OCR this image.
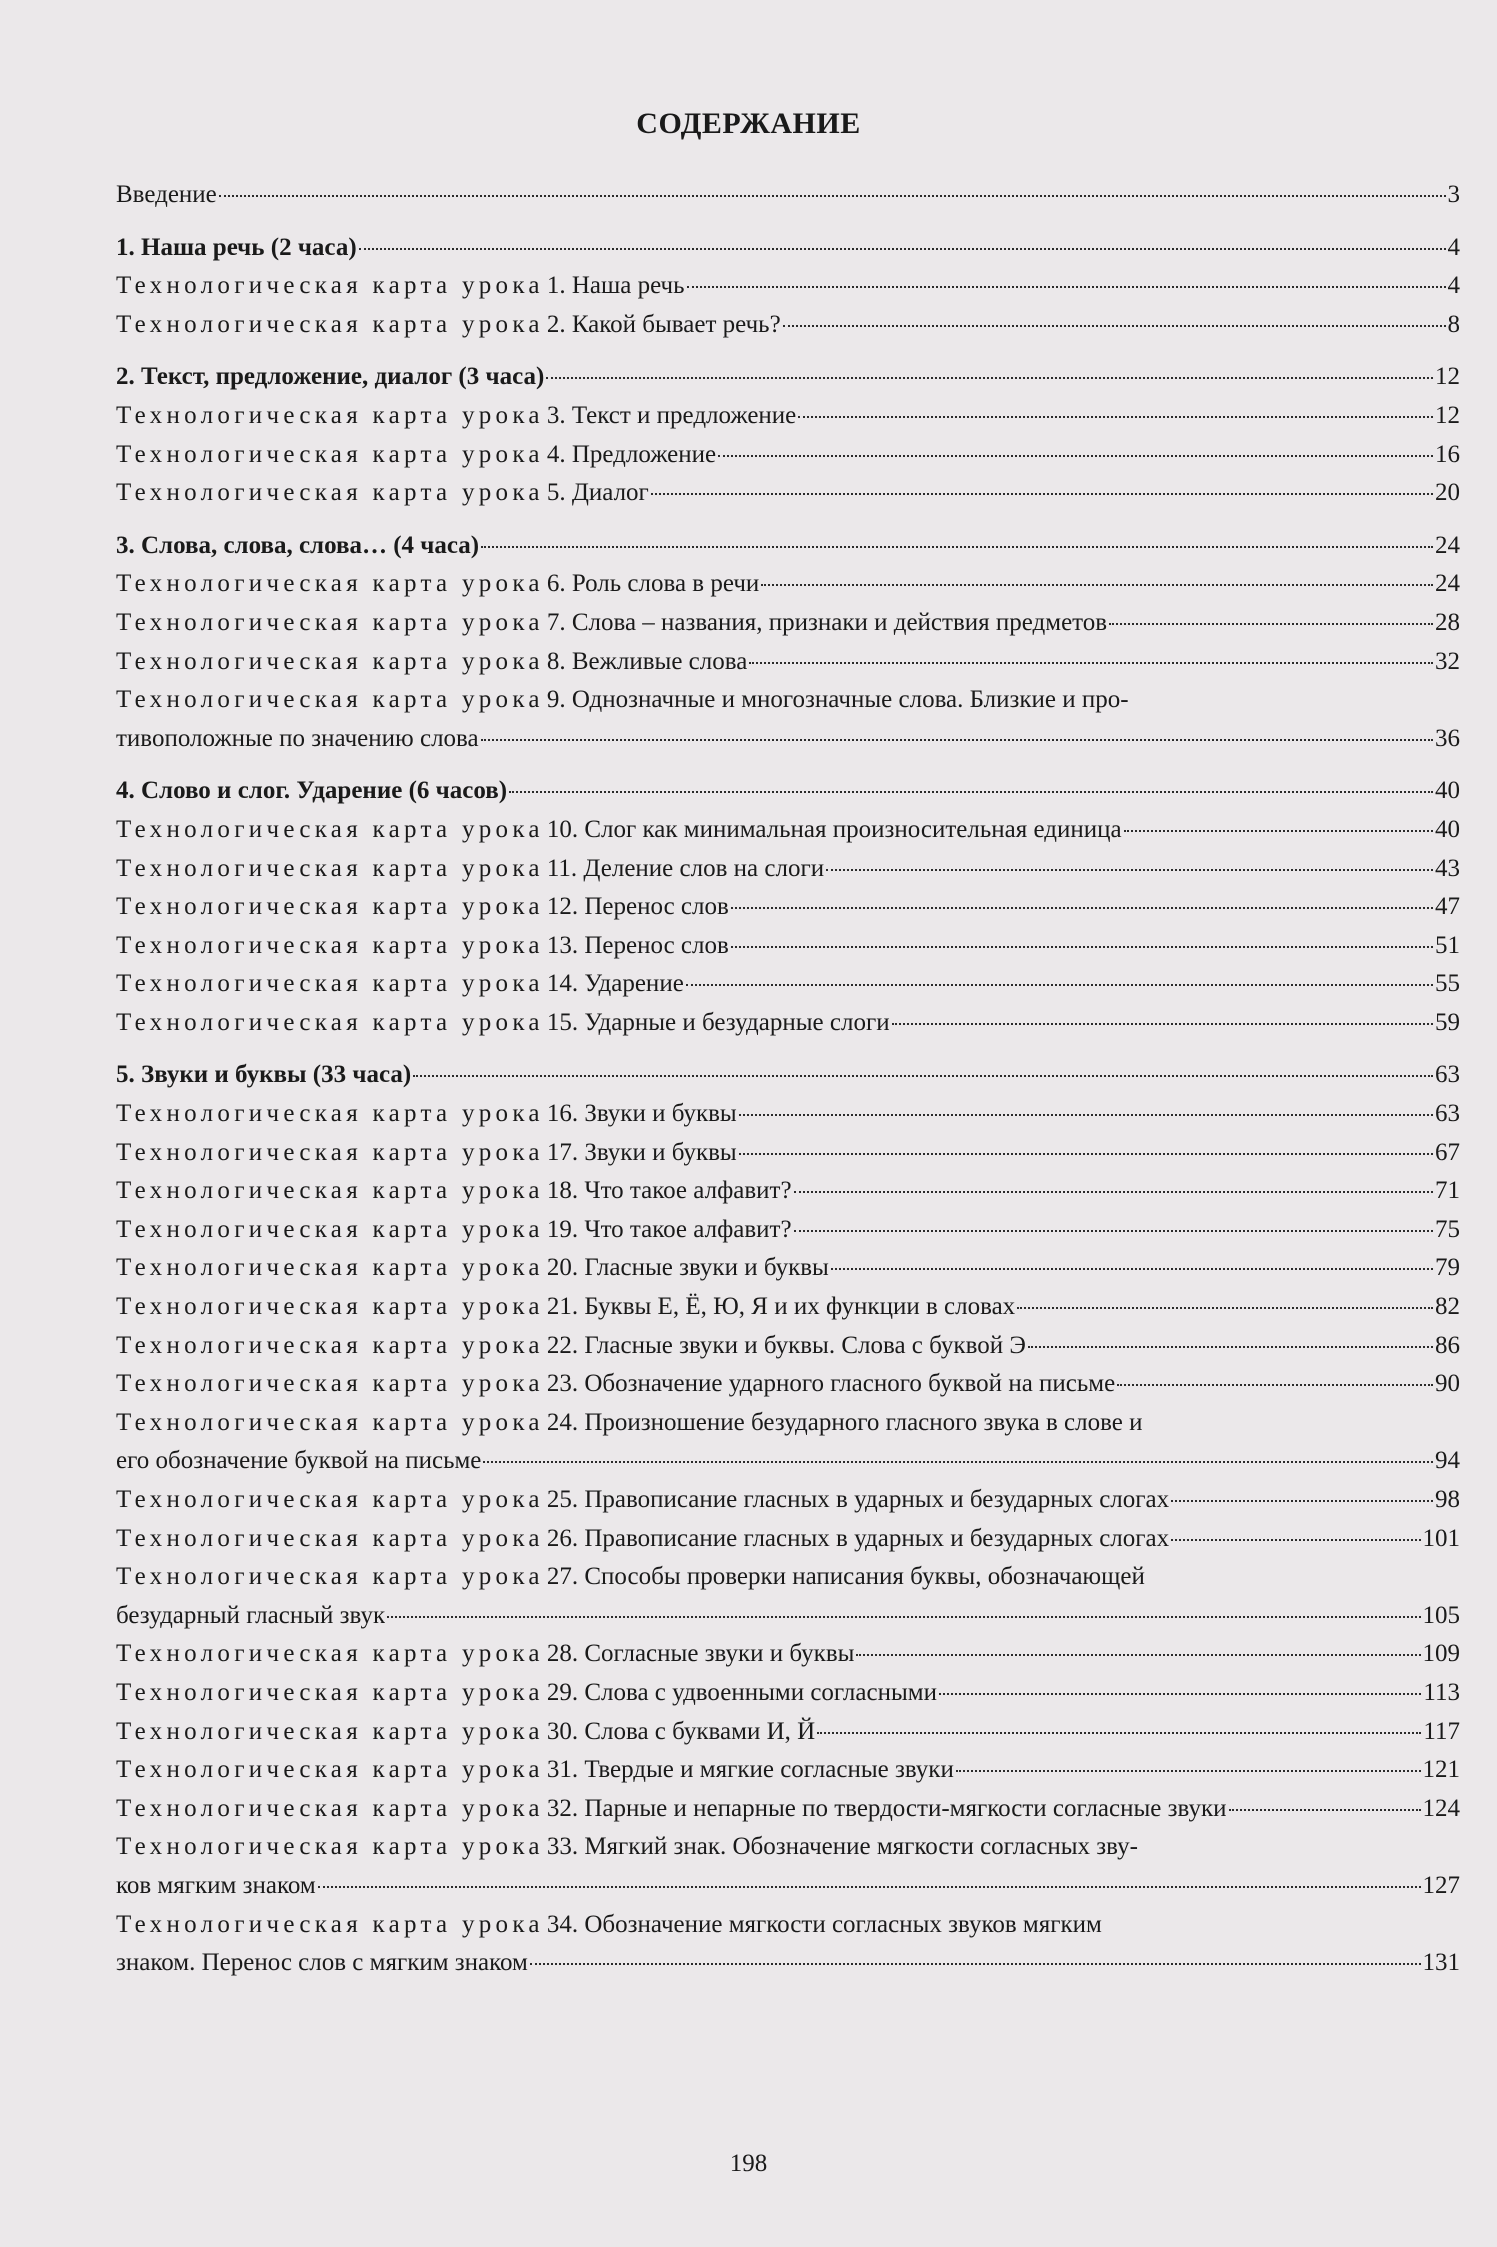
СОДЕРЖАНИЕ
Введение	3
1. Наша речь (2 часа)	4
Технологическая карта урока 1. Наша речь	4
Технологическая карта урока 2. Какой бывает речь?	8
2. Текст, предложение, диалог (3 часа)	12
Технологическая карта урока 3. Текст и предложение	12
Технологическая карта урока 4. Предложение	16
Технологическая карта урока 5. Диалог	20
3. Слова, слова, слова… (4 часа)	24
Технологическая карта урока 6. Роль слова в речи	24
Технологическая карта урока 7. Слова – названия, признаки и действия предметов	28
Технологическая карта урока 8. Вежливые слова	32
Технологическая карта урока 9. Однозначные и многозначные слова. Близкие и про-
тивоположные по значению слова	36
4. Слово и слог. Ударение (6 часов)	40
Технологическая карта урока 10. Слог как минимальная произносительная единица	40
Технологическая карта урока 11. Деление слов на слоги	43
Технологическая карта урока 12. Перенос слов	47
Технологическая карта урока 13. Перенос слов	51
Технологическая карта урока 14. Ударение	55
Технологическая карта урока 15. Ударные и безударные слоги	59
5. Звуки и буквы (33 часа)	63
Технологическая карта урока 16. Звуки и буквы	63
Технологическая карта урока 17. Звуки и буквы	67
Технологическая карта урока 18. Что такое алфавит?	71
Технологическая карта урока 19. Что такое алфавит?	75
Технологическая карта урока 20. Гласные звуки и буквы	79
Технологическая карта урока 21. Буквы Е, Ё, Ю, Я и их функции в словах	82
Технологическая карта урока 22. Гласные звуки и буквы. Слова с буквой Э	86
Технологическая карта урока 23. Обозначение ударного гласного буквой на письме	90
Технологическая карта урока 24. Произношение безударного гласного звука в слове и
его обозначение буквой на письме	94
Технологическая карта урока 25. Правописание гласных в ударных и безударных слогах	98
Технологическая карта урока 26. Правописание гласных в ударных и безударных слогах	101
Технологическая карта урока 27. Способы проверки написания буквы, обозначающей
безударный гласный звук	105
Технологическая карта урока 28. Согласные звуки и буквы	109
Технологическая карта урока 29. Слова с удвоенными согласными	113
Технологическая карта урока 30. Слова с буквами И, Й	117
Технологическая карта урока 31. Твердые и мягкие согласные звуки	121
Технологическая карта урока 32. Парные и непарные по твердости-мягкости согласные звуки	124
Технологическая карта урока 33. Мягкий знак. Обозначение мягкости согласных зву-
ков мягким знаком	127
Технологическая карта урока 34. Обозначение мягкости согласных звуков мягким
знаком. Перенос слов с мягким знаком	131
198
